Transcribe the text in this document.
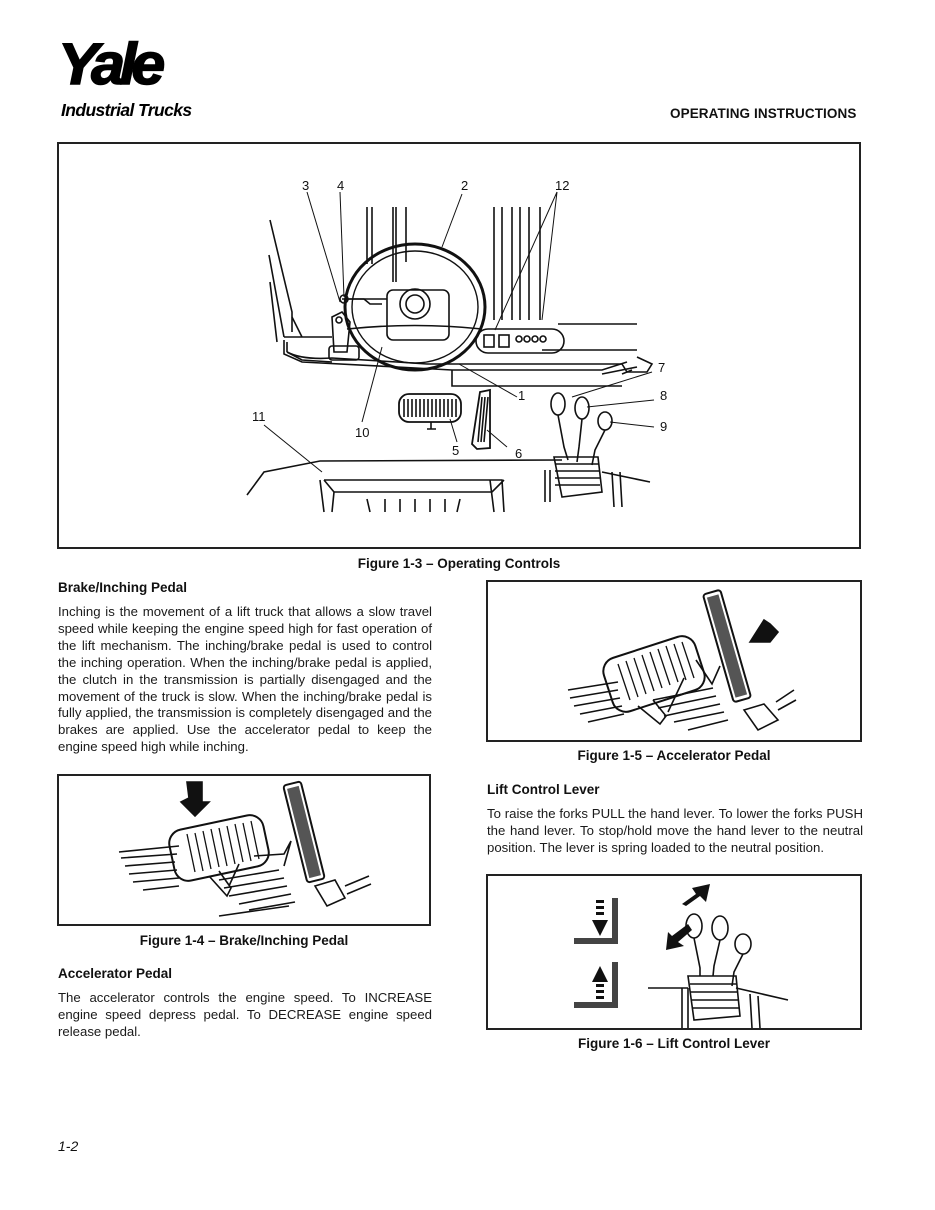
Yale
Industrial Trucks	OPERATING INSTRUCTIONS
3 4	2	12
7
8
9
1
10
11
5	6
Figure 1-3 – Operating Controls
Brake/Inching Pedal
Inching is the movement of a lift truck that allows a slow travel speed while keeping the engine speed high for fast operation of the lift mechanism. The inching/brake pedal is used to control the inching operation. When the inching/brake pedal is applied, the clutch in the transmission is partially disengaged and the movement of the truck is slow. When the inching/brake pedal is fully applied, the transmission is completely disengaged and the brakes are applied. Use the accelerator pedal to keep the engine speed high while inching.
Figure 1-4 – Brake/Inching Pedal
Accelerator Pedal
The accelerator controls the engine speed. To INCREASE engine speed depress pedal. To DECREASE engine speed release pedal.
Figure 1-5 – Accelerator Pedal
Lift Control Lever
To raise the forks PULL the hand lever. To lower the forks PUSH the hand lever. To stop/hold move the hand lever to the neutral position. The lever is spring loaded to the neutral position.
Figure 1-6 – Lift Control Lever
1-2
